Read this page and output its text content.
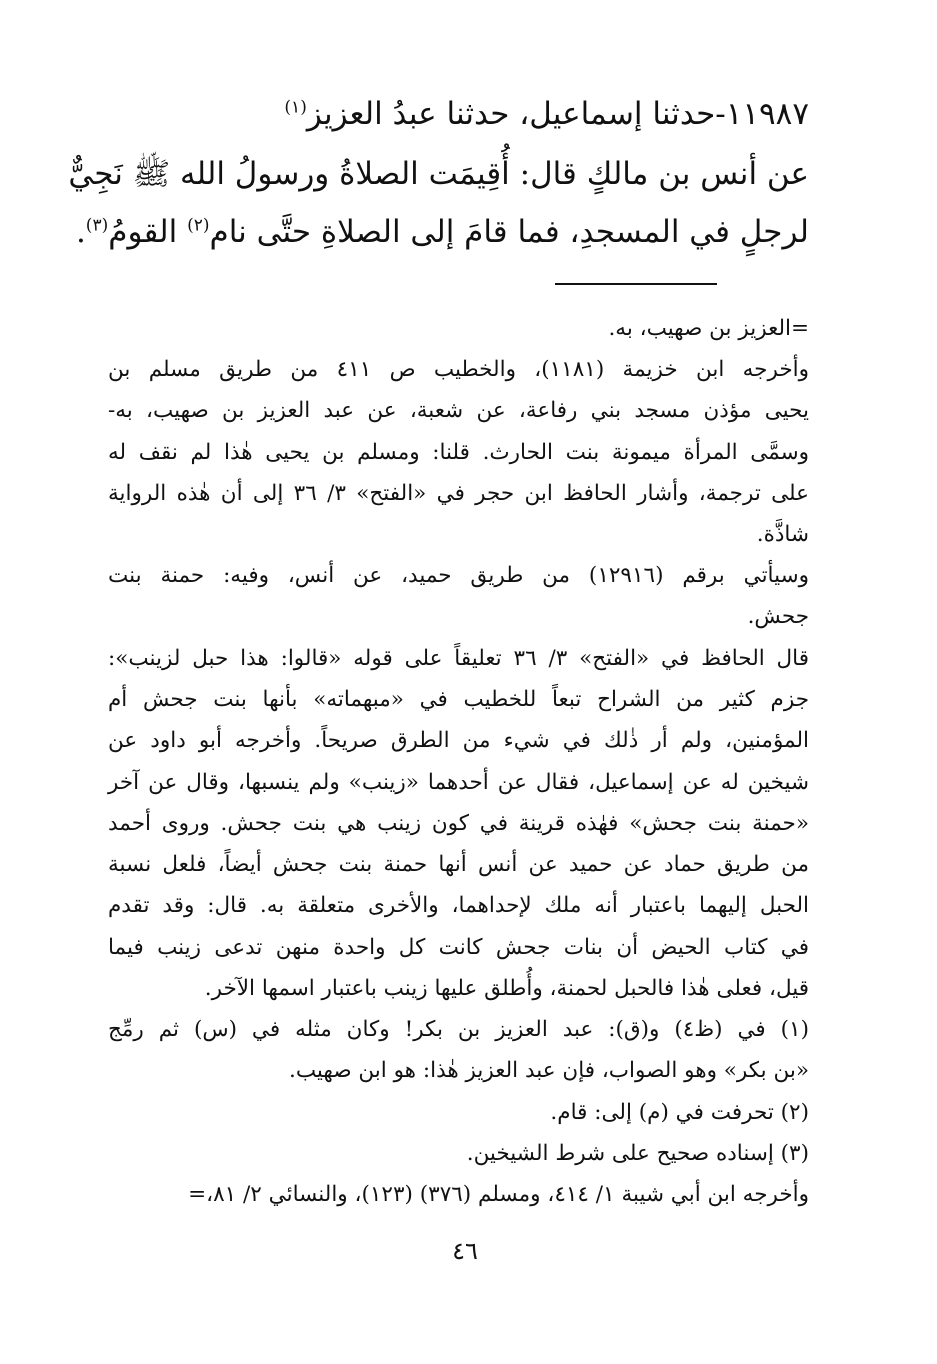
١١٩٨٧-حدثنا إسماعيل، حدثنا عبدُ العزيز$^{(١)}$
عن أنس بن مالكٍ قال: أُقِيمَت الصلاةُ ورسولُ الله ﷺ نَجِيٌّ
لرجلٍ في المسجدِ، فما قامَ إلى الصلاةِ حتَّى نام$^{(٢)}$ القومُ$^{(٣)}$.
=العزيز بن صهيب، به.
وأخرجه ابن خزيمة (١١٨١)، والخطيب ص ٤١١ من طريق مسلم بن
يحيى مؤذن مسجد بني رفاعة، عن شعبة، عن عبد العزيز بن صهيب، به-
وسمَّى المرأة ميمونة بنت الحارث. قلنا: ومسلم بن يحيى هٰذا لم نقف له
على ترجمة، وأشار الحافظ ابن حجر في «الفتح» ٣/ ٣٦ إلى أن هٰذه الرواية
شاذَّة.
وسيأتي برقم (١٢٩١٦) من طريق حميد، عن أنس، وفيه: حمنة بنت
جحش.
قال الحافظ في «الفتح» ٣/ ٣٦ تعليقاً على قوله «قالوا: هذا حبل لزينب»:
جزم كثير من الشراح تبعاً للخطيب في «مبهماته» بأنها بنت جحش أم
المؤمنين، ولم أر ذٰلك في شيء من الطرق صريحاً. وأخرجه أبو داود عن
شيخين له عن إسماعيل، فقال عن أحدهما «زينب» ولم ينسبها، وقال عن آخر
«حمنة بنت جحش» فهٰذه قرينة في كون زينب هي بنت جحش. وروى أحمد
من طريق حماد عن حميد عن أنس أنها حمنة بنت جحش أيضاً، فلعل نسبة
الحبل إليهما باعتبار أنه ملك لإحداهما، والأخرى متعلقة به. قال: وقد تقدم
في كتاب الحيض أن بنات جحش كانت كل واحدة منهن تدعى زينب فيما
قيل، فعلى هٰذا فالحبل لحمنة، وأُطلق عليها زينب باعتبار اسمها الآخر.
(١) في (ظ٤) و(ق): عبد العزيز بن بكر! وكان مثله في (س) ثم رمِّج
«بن بكر» وهو الصواب، فإن عبد العزيز هٰذا: هو ابن صهيب.
(٢) تحرفت في (م) إلى: قام.
(٣) إسناده صحيح على شرط الشيخين.
وأخرجه ابن أبي شيبة ١/ ٤١٤، ومسلم (٣٧٦) (١٢٣)، والنسائي ٢/ ٨١،=
٤٦
